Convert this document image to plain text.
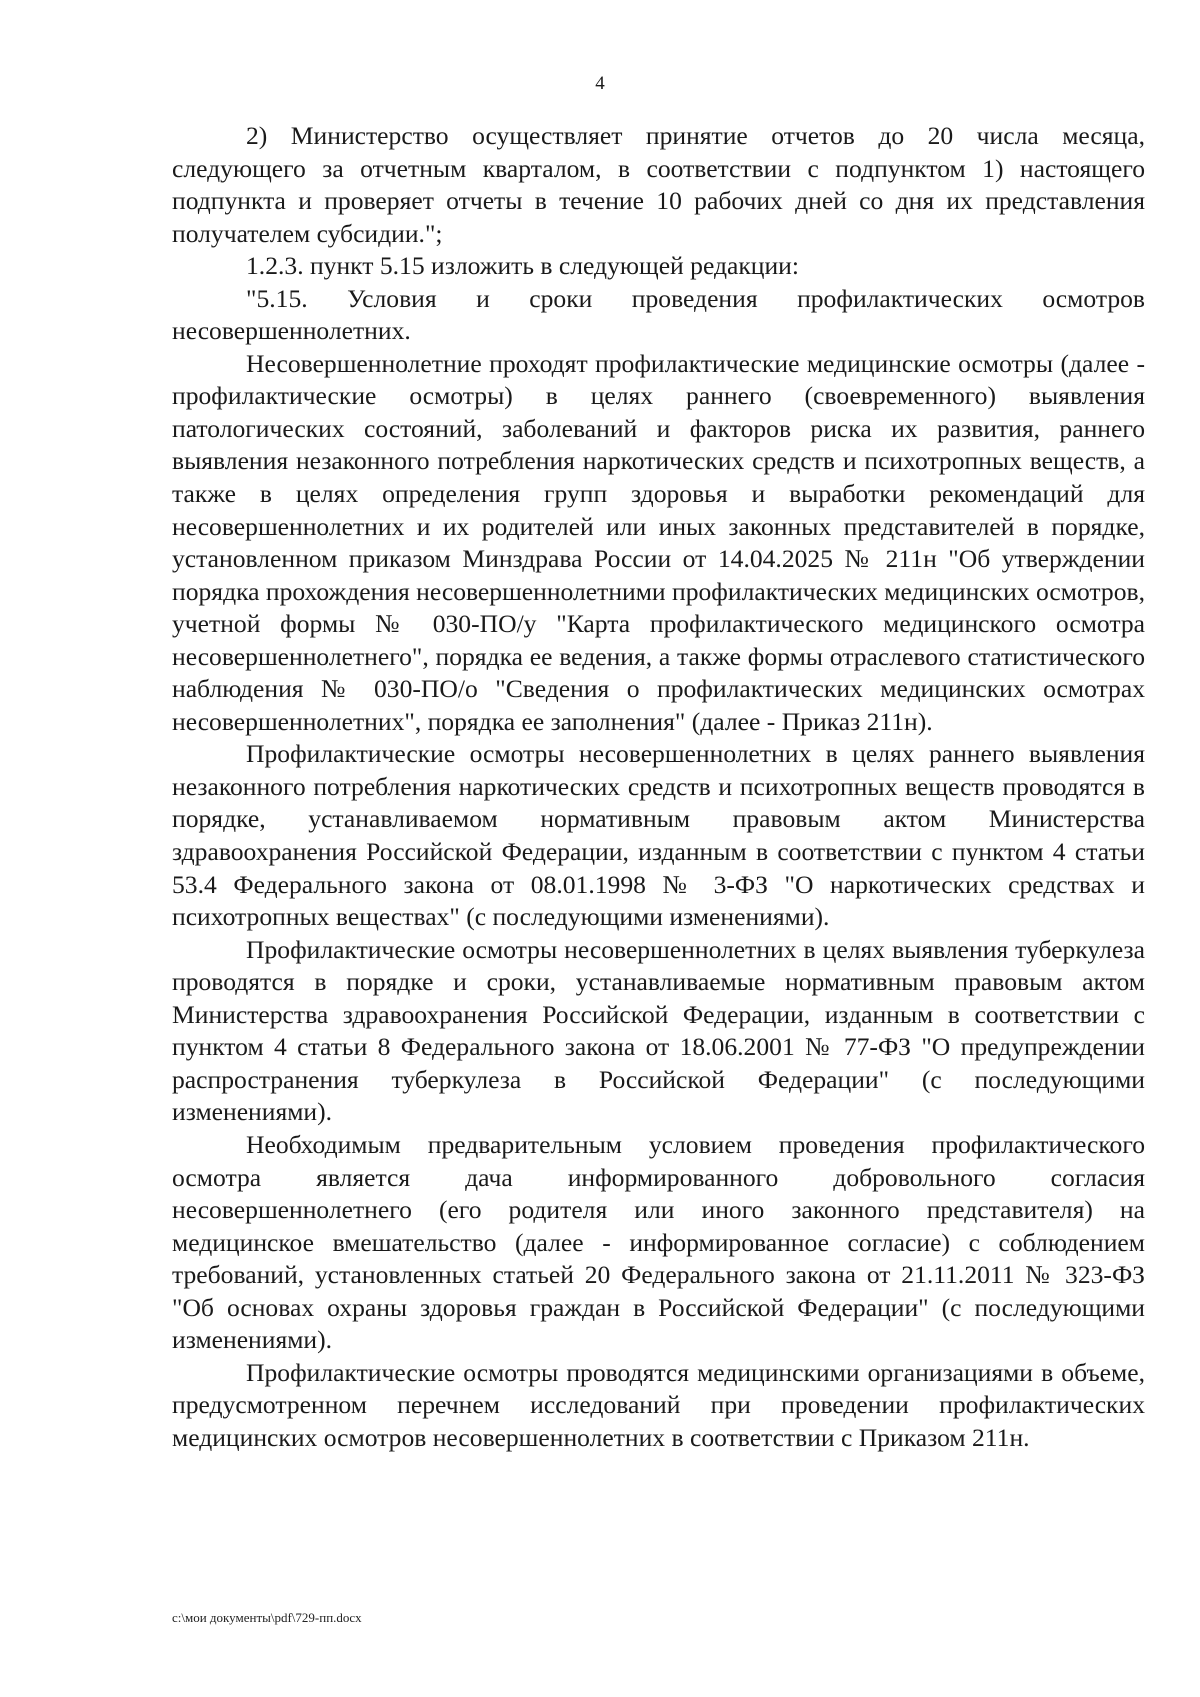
4

2) Министерство осуществляет принятие отчетов до 20 числа месяца, следующего за отчетным кварталом, в соответствии с подпунктом 1) настоящего подпункта и проверяет отчеты в течение 10 рабочих дней со дня их представления получателем субсидии.";

1.2.3. пункт 5.15 изложить в следующей редакции:

"5.15. Условия и сроки проведения профилактических осмотров несовершеннолетних.

Несовершеннолетние проходят профилактические медицинские осмотры (далее - профилактические осмотры) в целях раннего (своевременного) выявления патологических состояний, заболеваний и факторов риска их развития, раннего выявления незаконного потребления наркотических средств и психотропных веществ, а также в целях определения групп здоровья и выработки рекомендаций для несовершеннолетних и их родителей или иных законных представителей в порядке, установленном приказом Минздрава России от 14.04.2025 № 211н "Об утверждении порядка прохождения несовершеннолетними профилактических медицинских осмотров, учетной формы № 030-ПО/у "Карта профилактического медицинского осмотра несовершеннолетнего", порядка ее ведения, а также формы отраслевого статистического наблюдения № 030-ПО/о "Сведения о профилактических медицинских осмотрах несовершеннолетних", порядка ее заполнения" (далее - Приказ 211н).

Профилактические осмотры несовершеннолетних в целях раннего выявления незаконного потребления наркотических средств и психотропных веществ проводятся в порядке, устанавливаемом нормативным правовым актом Министерства здравоохранения Российской Федерации, изданным в соответствии с пунктом 4 статьи 53.4 Федерального закона от 08.01.1998 № 3-ФЗ "О наркотических средствах и психотропных веществах" (с последующими изменениями).

Профилактические осмотры несовершеннолетних в целях выявления туберкулеза проводятся в порядке и сроки, устанавливаемые нормативным правовым актом Министерства здравоохранения Российской Федерации, изданным в соответствии с пунктом 4 статьи 8 Федерального закона от 18.06.2001 № 77-ФЗ "О предупреждении распространения туберкулеза в Российской Федерации" (с последующими изменениями).

Необходимым предварительным условием проведения профилактического осмотра является дача информированного добровольного согласия несовершеннолетнего (его родителя или иного законного представителя) на медицинское вмешательство (далее - информированное согласие) с соблюдением требований, установленных статьей 20 Федерального закона от 21.11.2011 № 323-ФЗ "Об основах охраны здоровья граждан в Российской Федерации" (с последующими изменениями).

Профилактические осмотры проводятся медицинскими организациями в объеме, предусмотренном перечнем исследований при проведении профилактических медицинских осмотров несовершеннолетних в соответствии с Приказом 211н.

c:\мои документы\pdf\729-пп.docx
